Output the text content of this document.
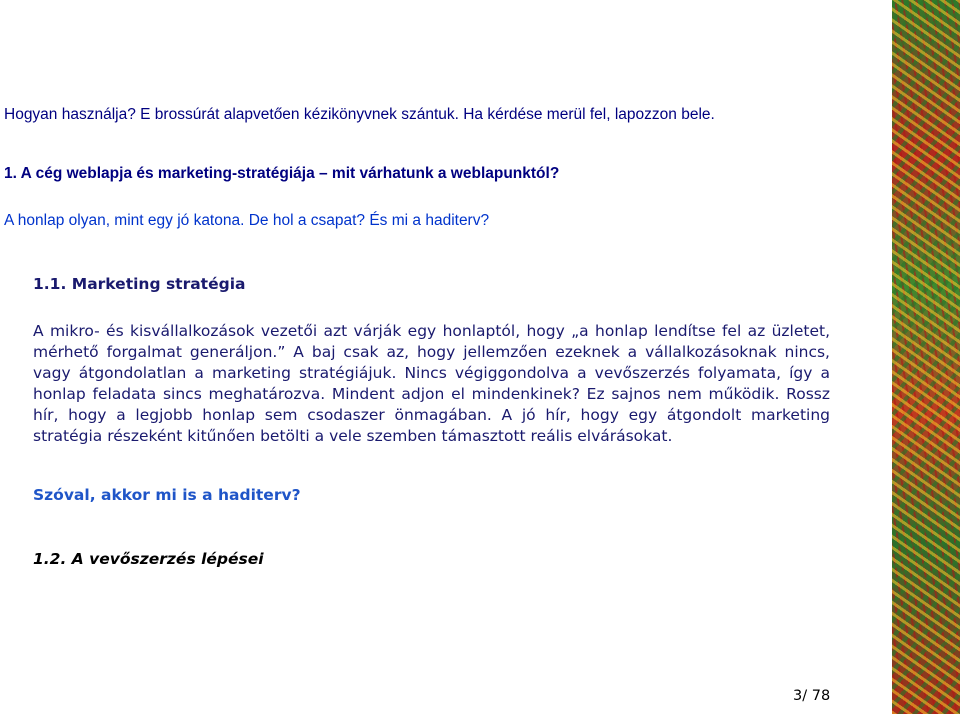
Hogyan használja? E brossúrát alapvetően kézikönyvnek szántuk. Ha kérdése merül fel, lapozzon bele.
1. A cég weblapja és marketing-stratégiája – mit várhatunk a weblapunktól?
A honlap olyan, mint egy jó katona. De hol a csapat? És mi a haditerv?
1.1. Marketing stratégia
A mikro- és kisvállalkozások vezetői azt várják egy honlaptól, hogy „a honlap lendítse fel az üzletet, mérhető forgalmat generáljon.” A baj csak az, hogy jellemzően ezeknek a vállalkozásoknak nincs, vagy átgondolatlan a marketing stratégiájuk. Nincs végiggondolva a vevőszerzés folyamata, így a honlap feladata sincs meghatározva. Mindent adjon el mindenkinek? Ez sajnos nem működik. Rossz hír, hogy a legjobb honlap sem csodaszer önmagában. A jó hír, hogy egy átgondolt marketing stratégia részeként kitűnően betölti a vele szemben támasztott reális elvárásokat.
Szóval, akkor mi is a haditerv?
1.2. A vevőszerzés lépései
3/ 78
